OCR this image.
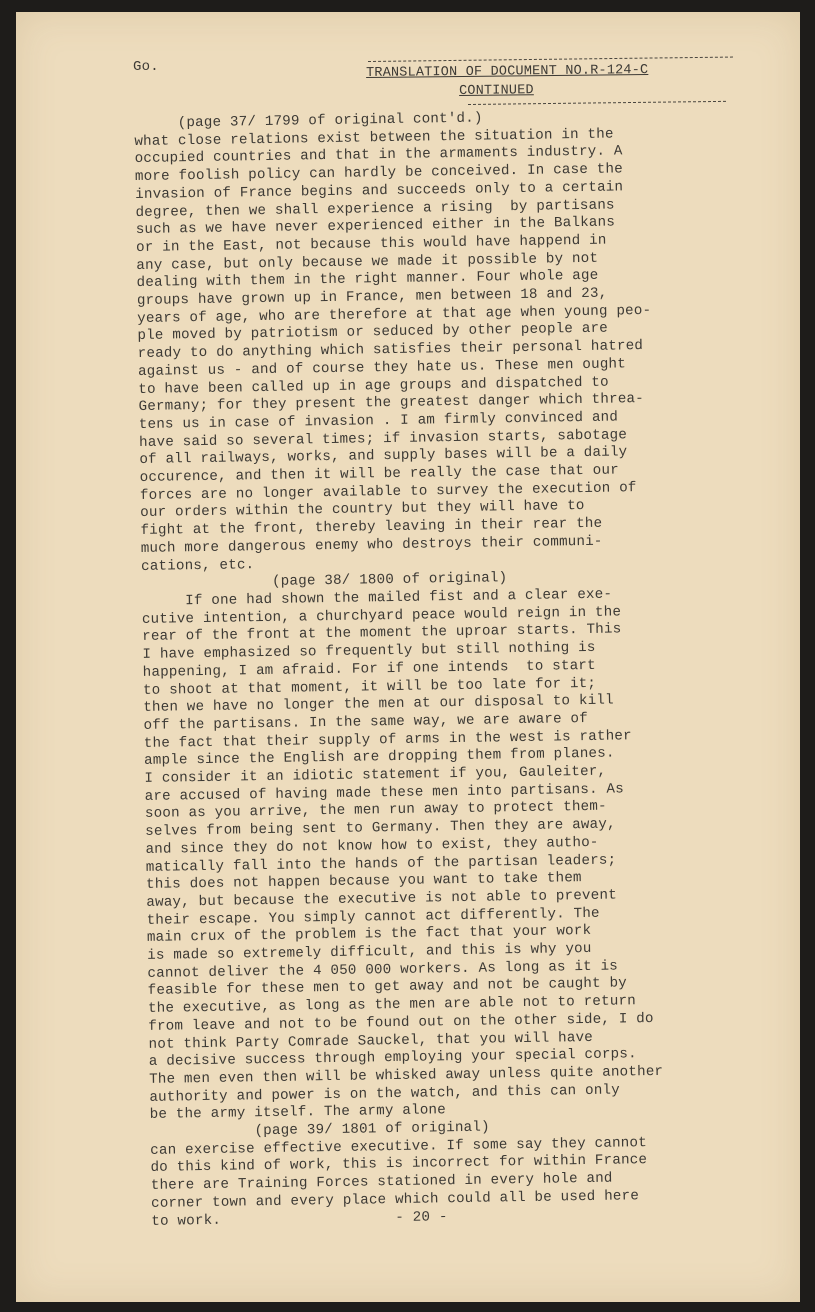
Go.	TRANSLATION OF DOCUMENT NO.R-124-C
CONTINUED
(page 37/ 1799 of original cont'd.)
what close relations exist between the situation in the
occupied countries and that in the armaments industry. A
more foolish policy can hardly be conceived. In case the
invasion of France begins and succeeds only to a certain
degree, then we shall experience a rising  by partisans
such as we have never experienced either in the Balkans
or in the East, not because this would have happend in
any case, but only because we made it possible by not
dealing with them in the right manner. Four whole age
groups have grown up in France, men between 18 and 23,
years of age, who are therefore at that age when young peo-
ple moved by patriotism or seduced by other people are
ready to do anything which satisfies their personal hatred
against us - and of course they hate us. These men ought
to have been called up in age groups and dispatched to
Germany; for they present the greatest danger which threa-
tens us in case of invasion . I am firmly convinced and
have said so several times; if invasion starts, sabotage
of all railways, works, and supply bases will be a daily
occurence, and then it will be really the case that our
forces are no longer available to survey the execution of
our orders within the country but they will have to
fight at the front, thereby leaving in their rear the
much more dangerous enemy who destroys their communi-
cations, etc.
(page 38/ 1800 of original)
If one had shown the mailed fist and a clear exe-
cutive intention, a churchyard peace would reign in the
rear of the front at the moment the uproar starts. This
I have emphasized so frequently but still nothing is
happening, I am afraid. For if one intends  to start
to shoot at that moment, it will be too late for it;
then we have no longer the men at our disposal to kill
off the partisans. In the same way, we are aware of
the fact that their supply of arms in the west is rather
ample since the English are dropping them from planes.
I consider it an idiotic statement if you, Gauleiter,
are accused of having made these men into partisans. As
soon as you arrive, the men run away to protect them-
selves from being sent to Germany. Then they are away,
and since they do not know how to exist, they autho-
matically fall into the hands of the partisan leaders;
this does not happen because you want to take them
away, but because the executive is not able to prevent
their escape. You simply cannot act differently. The
main crux of the problem is the fact that your work
is made so extremely difficult, and this is why you
cannot deliver the 4 050 000 workers. As long as it is
feasible for these men to get away and not be caught by
the executive, as long as the men are able not to return
from leave and not to be found out on the other side, I do
not think Party Comrade Sauckel, that you will have
a decisive success through employing your special corps.
The men even then will be whisked away unless quite another
authority and power is on the watch, and this can only
be the army itself. The army alone
(page 39/ 1801 of original)
can exercise effective executive. If some say they cannot
do this kind of work, this is incorrect for within France
there are Training Forces stationed in every hole and
corner town and every place which could all be used here
to work.                    - 20 -
